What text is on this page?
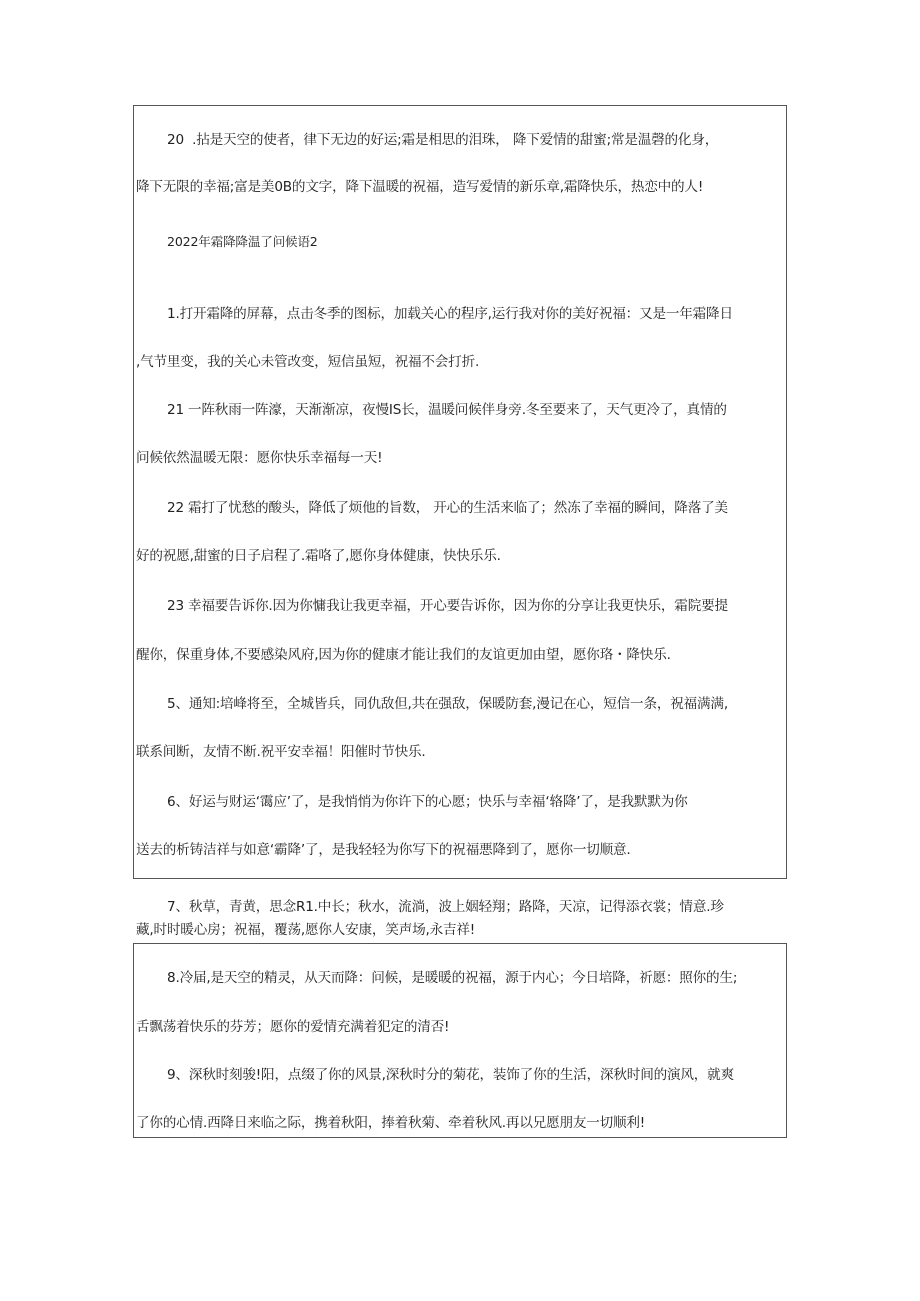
20  .拈是天空的使者，律下无边的好运;霜是相思的泪珠， 降下爱情的甜蜜;常是温磬的化身，
降下无限的幸福;富是美0B的文字，降下温暖的祝福，造写爱情的新乐章,霜降快乐，热恋中的人!
2022年霜降降温了问候语2
1.打开霜降的屏幕，点击冬季的图标，加载关心的程序,运行我对你的美好祝福：又是一年霜降日
,气节里变，我的关心未管改变，短信虽短，祝福不会打折.
21 一阵秋雨一阵濠，天渐渐凉，夜慢IS长，温暖问候伴身旁.冬至要来了，天气更冷了，真情的
问候依然温暖无限：愿你快乐幸福每一天!
22 霜打了忧愁的酸头，降低了烦他的旨数， 开心的生活来临了；然冻了幸福的瞬间，降落了美
好的祝愿,甜蜜的日子启程了.霜咯了,愿你身体健康，快快乐乐.
23 幸福要告诉你.因为你慵我让我更幸福，开心要告诉你，因为你的分享让我更快乐，霜院要提
醒你，保重身体,不要感染风府,因为你的健康才能让我们的友谊更加由望，愿你珞・降快乐.
5、通知:培峰将至，全城皆兵，同仇敌但,共在强敌，保暖防套,漫记在心，短信一条，祝福满满,
联系间断，友情不断.祝平安幸福！阳催时节快乐.
6、好运与财运‘霭应’了，是我悄悄为你许下的心愿；快乐与幸福‘辂降’了，是我默默为你
送去的析铸洁祥与如意‘霸降’了，是我轻轻为你写下的祝福悪降到了，愿你一切顺意.
7、秋草，青黄，思念R1.中长；秋水，流淌，波上姻轻翔；路降，天凉，记得添衣裳；情意.珍
藏,时时暖心房；祝福，覆荡,愿你人安康，笑声场,永吉祥!
8.冷届,是天空的精灵，从天而降：问候，是暖暖的祝福，源于内心；今日培降，祈愿：照你的生;
舌飘荡着快乐的芬芳；愿你的爱情充满着犯定的清否!
9、深秋时刻骏!阳，点缀了你的风景,深秋时分的菊花，装饰了你的生活，深秋时间的演风，就爽
了你的心情.西降日来临之际，携着秋阳，捧着秋菊、牵着秋风.再以兄愿朋友一切顺利!
